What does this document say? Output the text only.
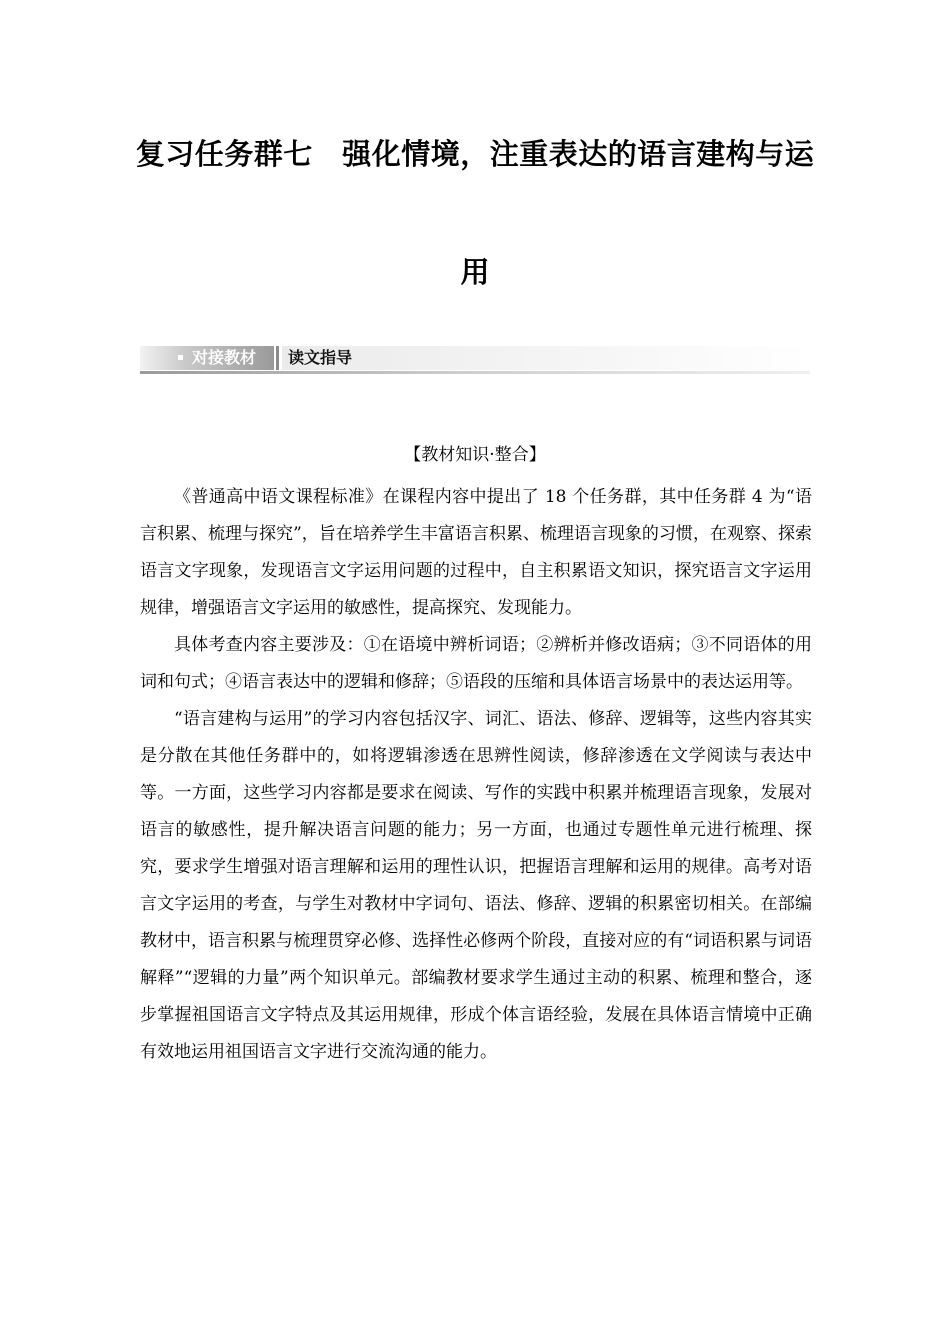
复习任务群七　强化情境，注重表达的语言建构与运
用
对接教材	读文指导
【教材知识·整合】

《普通高中语文课程标准》在课程内容中提出了 18 个任务群，其中任务群 4 为“语言积累、梳理与探究”，旨在培养学生丰富语言积累、梳理语言现象的习惯，在观察、探索语言文字现象，发现语言文字运用问题的过程中，自主积累语文知识，探究语言文字运用规律，增强语言文字运用的敏感性，提高探究、发现能力。

具体考查内容主要涉及：①在语境中辨析词语；②辨析并修改语病；③不同语体的用词和句式；④语言表达中的逻辑和修辞；⑤语段的压缩和具体语言场景中的表达运用等。

“语言建构与运用”的学习内容包括汉字、词汇、语法、修辞、逻辑等，这些内容其实是分散在其他任务群中的，如将逻辑渗透在思辨性阅读，修辞渗透在文学阅读与表达中等。一方面，这些学习内容都是要求在阅读、写作的实践中积累并梳理语言现象，发展对语言的敏感性，提升解决语言问题的能力；另一方面，也通过专题性单元进行梳理、探究，要求学生增强对语言理解和运用的理性认识，把握语言理解和运用的规律。高考对语言文字运用的考查，与学生对教材中字词句、语法、修辞、逻辑的积累密切相关。在部编教材中，语言积累与梳理贯穿必修、选择性必修两个阶段，直接对应的有“词语积累与词语解释”“逻辑的力量”两个知识单元。部编教材要求学生通过主动的积累、梳理和整合，逐步掌握祖国语言文字特点及其运用规律，形成个体言语经验，发展在具体语言情境中正确有效地运用祖国语言文字进行交流沟通的能力。
